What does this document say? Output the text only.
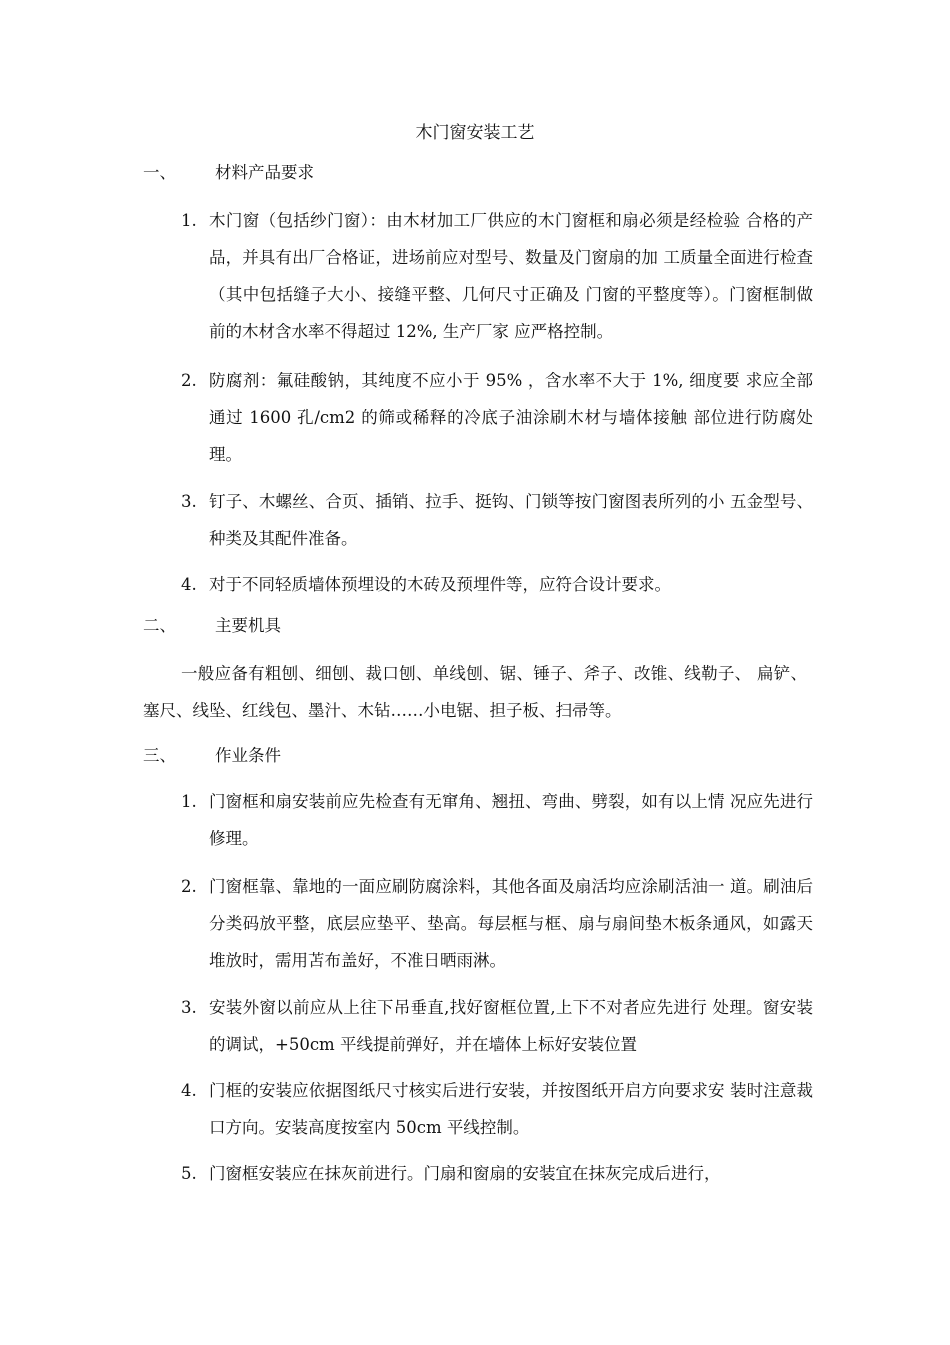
木门窗安装工艺
一、 材料产品要求
1. 木门窗（包括纱门窗）：由木材加工厂供应的木门窗框和扇必须是经检验 合格的产品，并具有出厂合格证，进场前应对型号、数量及门窗扇的加 工质量全面进行检查（其中包括缝子大小、接缝平整、几何尺寸正确及 门窗的平整度等）。门窗框制做前的木材含水率不得超过 12%, 生产厂家 应严格控制。
2. 防腐剂：氟硅酸钠，其纯度不应小于 95% ，含水率不大于 1%, 细度要 求应全部通过 1600 孔/cm2 的筛或稀释的冷底子油涂刷木材与墙体接触 部位进行防腐处理。
3. 钉子、木螺丝、合页、插销、拉手、挺钩、门锁等按门窗图表所列的小 五金型号、种类及其配件准备。
4. 对于不同轻质墙体预埋设的木砖及预埋件等，应符合设计要求。
二、 主要机具
一般应备有粗刨、细刨、裁口刨、单线刨、锯、锤子、斧子、改锥、线勒子、 扁铲、塞尺、线坠、红线包、墨汁、木钻……小电锯、担子板、扫帚等。
三、 作业条件
1. 门窗框和扇安装前应先检查有无窜角、翘扭、弯曲、劈裂，如有以上情 况应先进行修理。
2. 门窗框靠、靠地的一面应刷防腐涂料，其他各面及扇活均应涂刷活油一 道。刷油后分类码放平整，底层应垫平、垫高。每层框与框、扇与扇间垫木板条通风，如露天堆放时，需用苫布盖好，不准日晒雨淋。
3. 安装外窗以前应从上往下吊垂直,找好窗框位置,上下不对者应先进行 处理。窗安装的调试，+50cm 平线提前弹好，并在墙体上标好安装位置
4. 门框的安装应依据图纸尺寸核实后进行安装，并按图纸开启方向要求安 装时注意裁口方向。安装高度按室内 50cm 平线控制。
5. 门窗框安装应在抹灰前进行。门扇和窗扇的安装宜在抹灰完成后进行，
